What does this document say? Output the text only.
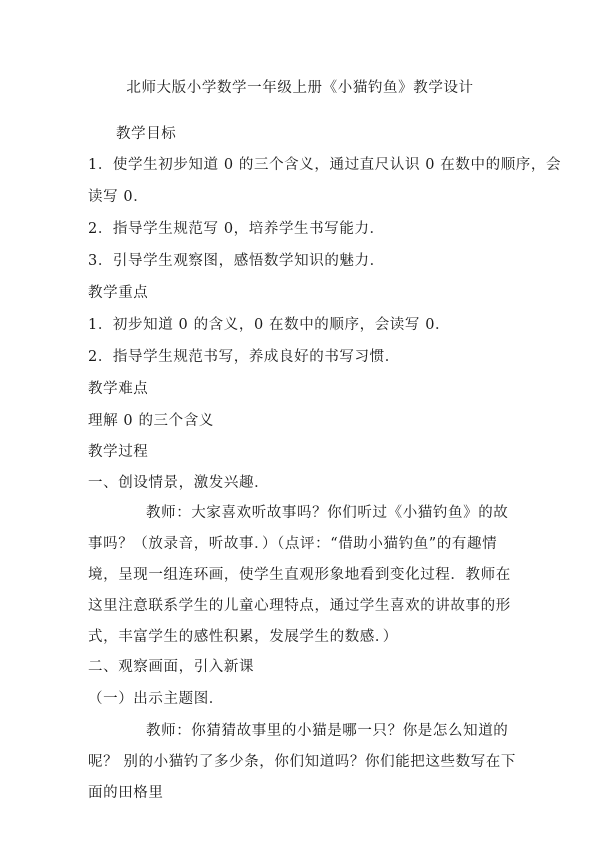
北师大版小学数学一年级上册《小猫钓鱼》教学设计
教学目标
1．使学生初步知道 0 的三个含义，通过直尺认识 0 在数中的顺序，会
读写 0．
2．指导学生规范写 0，培养学生书写能力．
3．引导学生观察图，感悟数学知识的魅力．
教学重点
1．初步知道 0 的含义，0 在数中的顺序，会读写 0．
2．指导学生规范书写，养成良好的书写习惯．
教学难点
理解 0 的三个含义
教学过程
一、创设情景，激发兴趣．

教师：大家喜欢听故事吗？你们听过《小猫钓鱼》的故事吗？（放录音，听故事．）（点评：“借助小猫钓鱼”的有趣情境，呈现一组连环画，使学生直观形象地看到变化过程．教师在这里注意联系学生的儿童心理特点，通过学生喜欢的讲故事的形式，丰富学生的感性积累，发展学生的数感．）

二、观察画面，引入新课
（一）出示主题图．

教师：你猜猜故事里的小猫是哪一只？你是怎么知道的呢？ 别的小猫钓了多少条，你们知道吗？你们能把这些数写在下面的田格里
